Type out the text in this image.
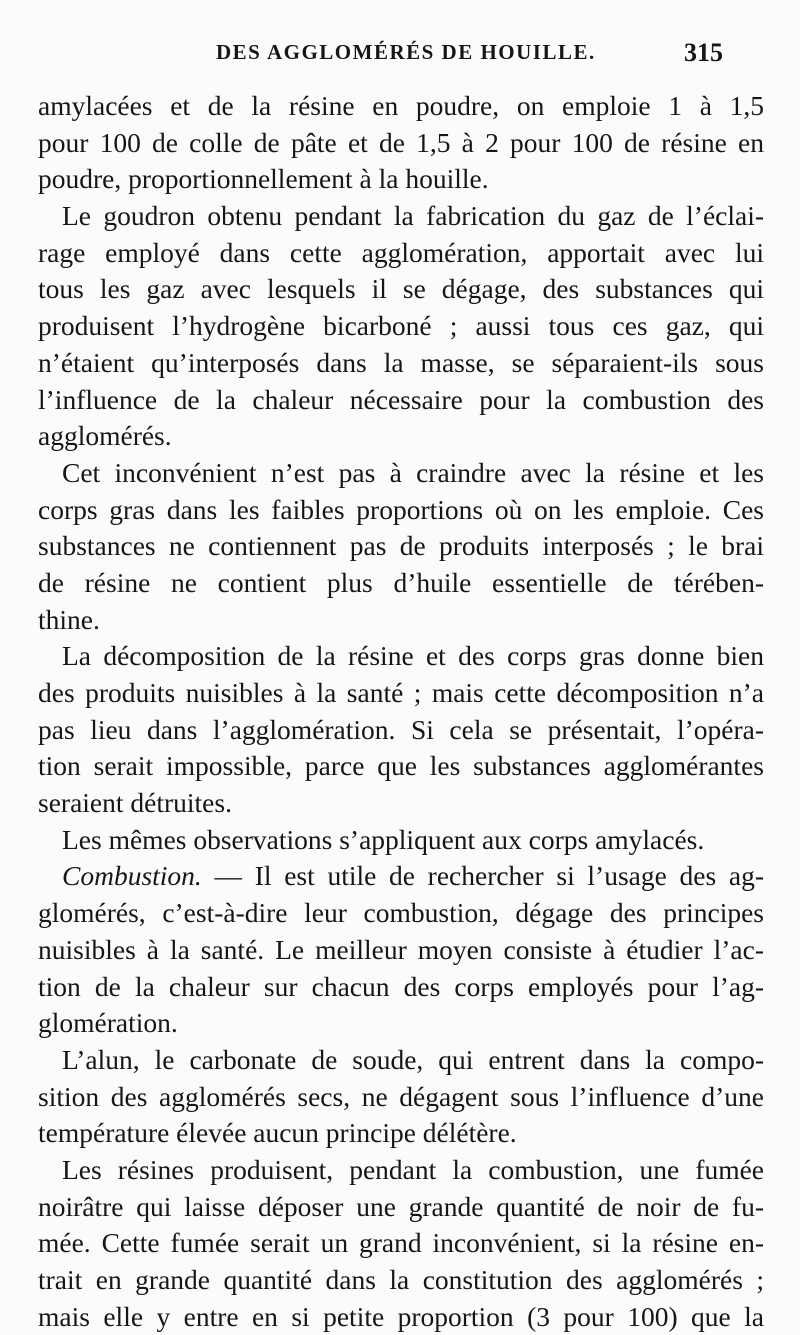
DES AGGLOMÉRÉS DE HOUILLE.	315
amylacées et de la résine en poudre, on emploie 1 à 1,5
pour 100 de colle de pâte et de 1,5 à 2 pour 100 de résine en
poudre, proportionnellement à la houille.
Le goudron obtenu pendant la fabrication du gaz de l’éclai-
rage employé dans cette agglomération, apportait avec lui
tous les gaz avec lesquels il se dégage, des substances qui
produisent l’hydrogène bicarboné ; aussi tous ces gaz, qui
n’étaient qu’interposés dans la masse, se séparaient-ils sous
l’influence de la chaleur nécessaire pour la combustion des
agglomérés.
Cet inconvénient n’est pas à craindre avec la résine et les
corps gras dans les faibles proportions où on les emploie. Ces
substances ne contiennent pas de produits interposés ; le brai
de résine ne contient plus d’huile essentielle de térében-
thine.
La décomposition de la résine et des corps gras donne bien
des produits nuisibles à la santé ; mais cette décomposition n’a
pas lieu dans l’agglomération. Si cela se présentait, l’opéra-
tion serait impossible, parce que les substances agglomérantes
seraient détruites.
Les mêmes observations s’appliquent aux corps amylacés.
Combustion. — Il est utile de rechercher si l’usage des ag-
glomérés, c’est-à-dire leur combustion, dégage des principes
nuisibles à la santé. Le meilleur moyen consiste à étudier l’ac-
tion de la chaleur sur chacun des corps employés pour l’ag-
glomération.
L’alun, le carbonate de soude, qui entrent dans la compo-
sition des agglomérés secs, ne dégagent sous l’influence d’une
température élevée aucun principe délétère.
Les résines produisent, pendant la combustion, une fumée
noirâtre qui laisse déposer une grande quantité de noir de fu-
mée. Cette fumée serait un grand inconvénient, si la résine en-
trait en grande quantité dans la constitution des agglomérés ;
mais elle y entre en si petite proportion (3 pour 100) que la
